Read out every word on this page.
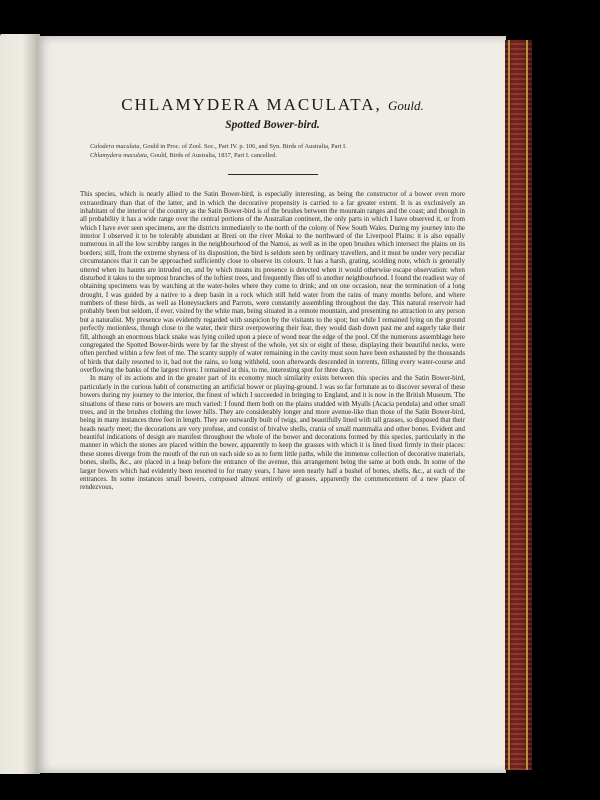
CHLAMYDERA MACULATA, Gould.
Spotted Bower-bird.
Calodera maculata, Gould in Proc. of Zool. Soc., Part IV. p. 106, and Syn. Birds of Australia, Part I.
Chlamydera maculata, Gould, Birds of Australia, 1837, Part I. cancelled.

This species, which is nearly allied to the Satin Bower-bird, is especially interesting, as being the constructor of a bower even more extraordinary than that of the latter, and in which the decorative propensity is carried to a far greater extent. It is as exclusively an inhabitant of the interior of the country as the Satin Bower-bird is of the brushes between the mountain ranges and the coast; and though in all probability it has a wide range over the central portions of the Australian continent, the only parts in which I have observed it, or from which I have ever seen specimens, are the districts immediately to the north of the colony of New South Wales. During my journey into the interior I observed it to be tolerably abundant at Brezi on the river Mokai to the northward of the Liverpool Plains: it is also equally numerous in all the low scrubby ranges in the neighbourhood of the Namoi, as well as in the open brushes which intersect the plains on its borders; still, from the extreme shyness of its disposition, the bird is seldom seen by ordinary travellers, and it must be under very peculiar circumstances that it can be approached sufficiently close to observe its colours. It has a harsh, grating, scolding note, which is generally uttered when its haunts are intruded on, and by which means its presence is detected when it would otherwise escape observation: when disturbed it takes to the topmost branches of the loftiest trees, and frequently flies off to another neighbourhood. I found the readiest way of obtaining specimens was by watching at the water-holes where they come to drink; and on one occasion, near the termination of a long drought, I was guided by a native to a deep basin in a rock which still held water from the rains of many months before, and where numbers of these birds, as well as Honeysuckers and Parrots, were constantly assembling throughout the day. This natural reservoir had probably been but seldom, if ever, visited by the white man, being situated in a remote mountain, and presenting no attraction to any person but a naturalist. My presence was evidently regarded with suspicion by the visitants to the spot; but while I remained lying on the ground perfectly motionless, though close to the water, their thirst overpowering their fear, they would dash down past me and eagerly take their fill, although an enormous black snake was lying coiled upon a piece of wood near the edge of the pool. Of the numerous assemblage here congregated the Spotted Bower-birds were by far the shyest of the whole, yet six or eight of these, displaying their beautiful necks, were often perched within a few feet of me. The scanty supply of water remaining in the cavity must soon have been exhausted by the thousands of birds that daily resorted to it, had not the rains, so long withheld, soon afterwards descended in torrents, filling every water-course and overflowing the banks of the largest rivers: I remained at this, to me, interesting spot for three days.

In many of its actions and in the greater part of its economy much similarity exists between this species and the Satin Bower-bird, particularly in the curious habit of constructing an artificial bower or playing-ground. I was so far fortunate as to discover several of these bowers during my journey to the interior, the finest of which I succeeded in bringing to England, and it is now in the British Museum. The situations of these runs or bowers are much varied: I found them both on the plains studded with Myalls (Acacia pendula) and other small trees, and in the brushes clothing the lower hills. They are considerably longer and more avenue-like than those of the Satin Bower-bird, being in many instances three feet in length. They are outwardly built of twigs, and beautifully lined with tall grasses, so disposed that their heads nearly meet; the decorations are very profuse, and consist of bivalve shells, crania of small mammalia and other bones. Evident and beautiful indications of design are manifest throughout the whole of the bower and decorations formed by this species, particularly in the manner in which the stones are placed within the bower, apparently to keep the grasses with which it is lined fixed firmly in their places: these stones diverge from the mouth of the run on each side so as to form little paths, while the immense collection of decorative materials, bones, shells, &c., are placed in a heap before the entrance of the avenue, this arrangement being the same at both ends. In some of the larger bowers which had evidently been resorted to for many years, I have seen nearly half a bushel of bones, shells, &c., at each of the entrances. In some instances small bowers, composed almost entirely of grasses, apparently the commencement of a new place of rendezvous,
